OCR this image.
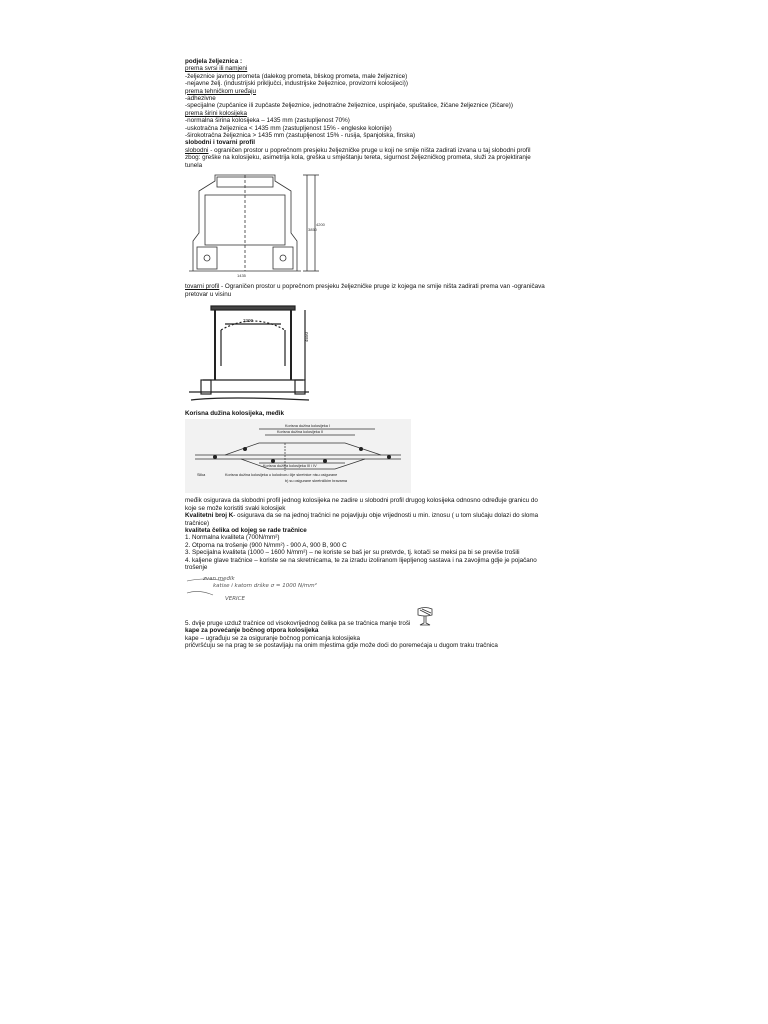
podjela željeznica :
prema svrsi ili namjeni
-željeznice javnog prometa (dalekog prometa, bliskog prometa, male željeznice)
-nejavne želj. (industrijski priključci, industrijske željeznice, provizorni kolosijeci))
prema tehničkom uređaju
-adhezivne
-specijalne (zupčanice ili zupčaste željeznice, jednotračne željeznice, uspinjače, spuštalice, žičane željeznice (žičare))
prema širini kolosijeka
-normalna širina kolosijeka – 1435 mm (zastupljenost 70%)
-uskotračna željeznica < 1435 mm (zastupljenost 15% - engleske kolonije)
-širokotračna željeznica > 1435 mm (zastupljenost 15% - rusija, španjolska, finska)
slobodni i tovarni profil
slobodni - ograničen prostor u poprečnom presjeku željezničke pruge u koji ne smije ništa zadirati izvana u taj slobodni profil
zbog: greške na kolosijeku, asimetrija kola, greška u smještanju tereta, sigurnost željezničkog prometa, služi za projektiranje tunela
4200
3850
1435
tovarni profil - Ograničen prostor u poprečnom presjeku željezničke pruge iz kojega ne smije ništa zadirati prema van -ograničava pretovar u visinu
3200
4650
Korisna dužina kolosijeka, međik
Korisna dužina kolosijeka I
Korisna dužina kolosijeka II
Korisna dužina kolosijeka III i IV
Slika	Korisna dužina kolosijeka u kolodvoru čije skretnice nisu osigurane
b) su osigurane skretničkim bravama
međik osigurava da slobodni profil jednog kolosijeka ne zadire u slobodni profil drugog kolosijeka odnosno određuje granicu do koje se može koristiti svaki kolosijek
Kvalitetni broj K- osigurava da se na jednoj tračnici ne pojavljuju obje vrijednosti u min. iznosu ( u tom slučaju dolazi do sloma tračnice)
kvaliteta čelika od kojeg se rade tračnice
1. Normalna kvaliteta (700N/mm²)
2. Otporna na trošenje (900 N/mm²) - 900 A, 900 B, 900 C
3. Specijalna kvaliteta (1000 – 1600 N/mm²) – ne koriste se baš jer su pretvrde, tj. kotači se meksi pa bi se previše trošili
4. kaljene glave tračnice – koriste se na skretnicama, te za izradu izoliranom lijepljenog sastava i na zavojima gdje je pojačano trošenje
zvan međik
katise i katom drške σ = 1000 N/mm²
VERICE
5. dvije pruge uzduž tračnice od visokovrijednog čelika pa se tračnica manje troši
kape za povećanje bočnog otpora kolosijeka
kape – ugrađuju se za osiguranje bočnog pomicanja kolosijeka
pričvršćuju se na prag te se postavljaju na onim mjestima gdje može doći do poremećaja u dugom traku tračnica
